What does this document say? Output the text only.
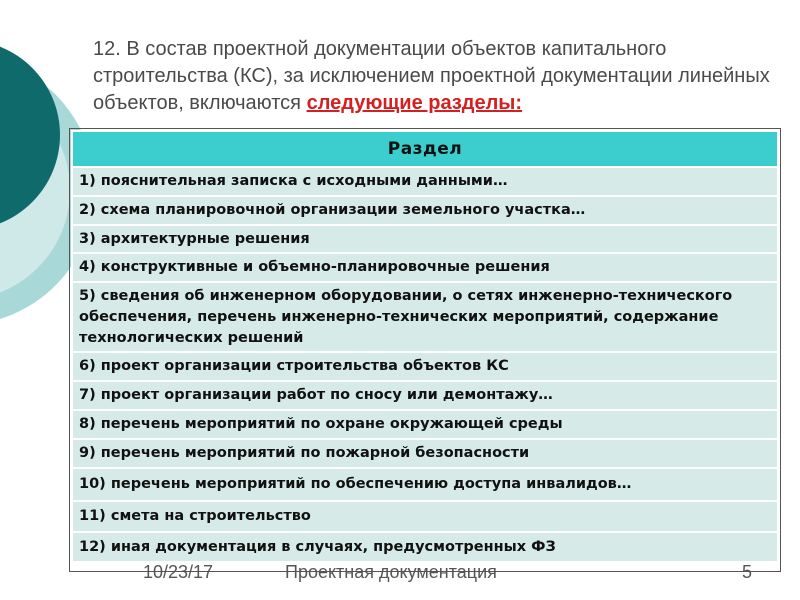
12. В состав проектной документации объектов капитального строительства (КС), за исключением проектной документации линейных объектов, включаются следующие разделы:
Раздел
1) пояснительная записка с исходными данными…
2) схема планировочной организации земельного участка…
3) архитектурные решения
4) конструктивные и объемно-планировочные решения
5) сведения об инженерном оборудовании, о сетях инженерно-технического обеспечения, перечень инженерно-технических мероприятий, содержание технологических решений
6) проект организации строительства объектов КС
7) проект организации работ по сносу или демонтажу…
8) перечень мероприятий по охране окружающей среды
9) перечень мероприятий по пожарной безопасности
10) перечень мероприятий по обеспечению доступа инвалидов…
11) смета на строительство
12) иная документация в случаях, предусмотренных ФЗ
10/23/17	Проектная документация	5
